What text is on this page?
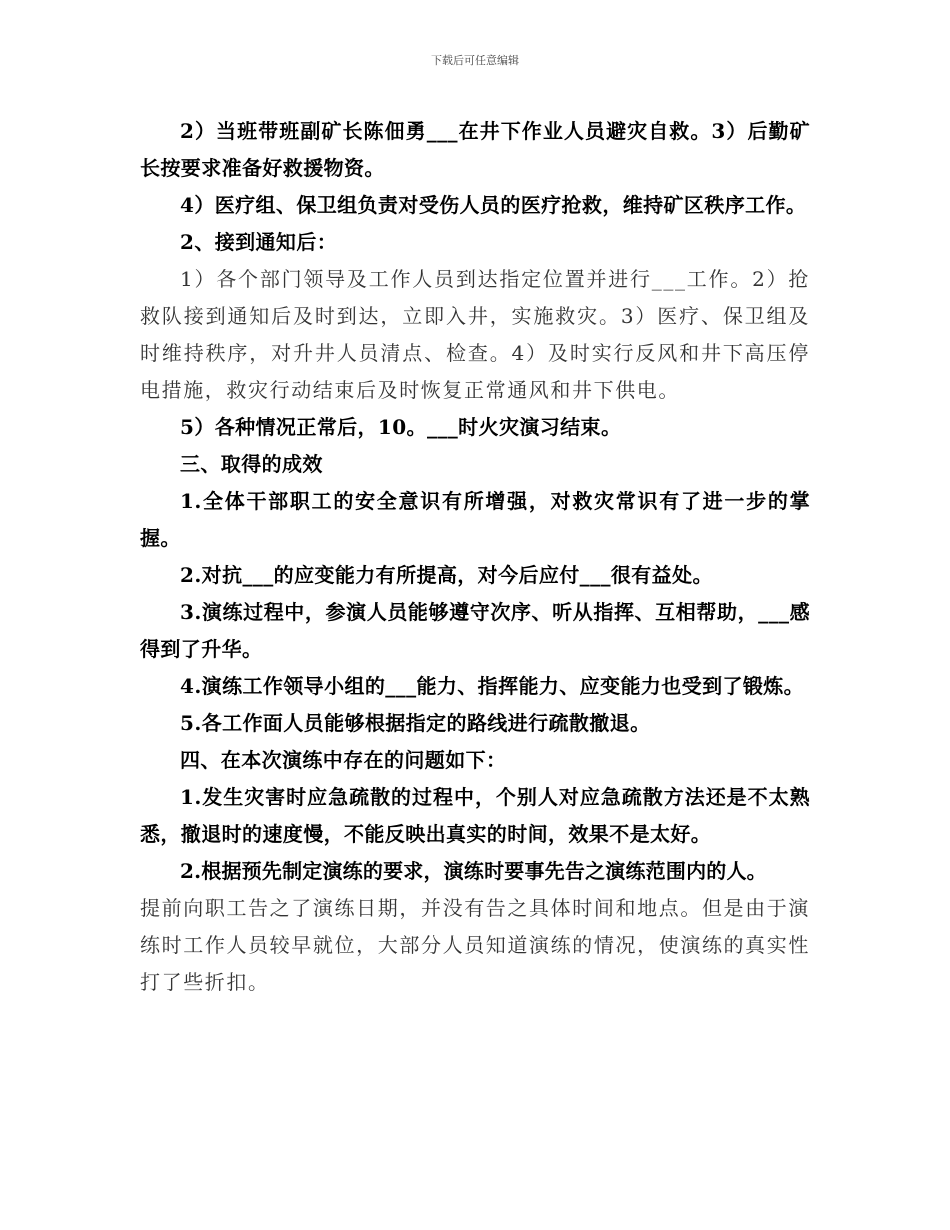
下载后可任意编辑

2）当班带班副矿长陈佃勇___在井下作业人员避灾自救。3）后勤矿长按要求准备好救援物资。

4）医疗组、保卫组负责对受伤人员的医疗抢救，维持矿区秩序工作。

2、接到通知后：

1）各个部门领导及工作人员到达指定位置并进行___工作。2）抢救队接到通知后及时到达，立即入井，实施救灾。3）医疗、保卫组及时维持秩序，对升井人员清点、检查。4）及时实行反风和井下高压停电措施，救灾行动结束后及时恢复正常通风和井下供电。

5）各种情况正常后，10。___时火灾演习结束。

三、取得的成效

1.全体干部职工的安全意识有所增强，对救灾常识有了进一步的掌握。

2.对抗___的应变能力有所提高，对今后应付___很有益处。

3.演练过程中，参演人员能够遵守次序、听从指挥、互相帮助，___感得到了升华。

4.演练工作领导小组的___能力、指挥能力、应变能力也受到了锻炼。

5.各工作面人员能够根据指定的路线进行疏散撤退。

四、在本次演练中存在的问题如下：

1.发生灾害时应急疏散的过程中，个别人对应急疏散方法还是不太熟悉，撤退时的速度慢，不能反映出真实的时间，效果不是太好。

2.根据预先制定演练的要求，演练时要事先告之演练范围内的人。

提前向职工告之了演练日期，并没有告之具体时间和地点。但是由于演练时工作人员较早就位，大部分人员知道演练的情况，使演练的真实性打了些折扣。
